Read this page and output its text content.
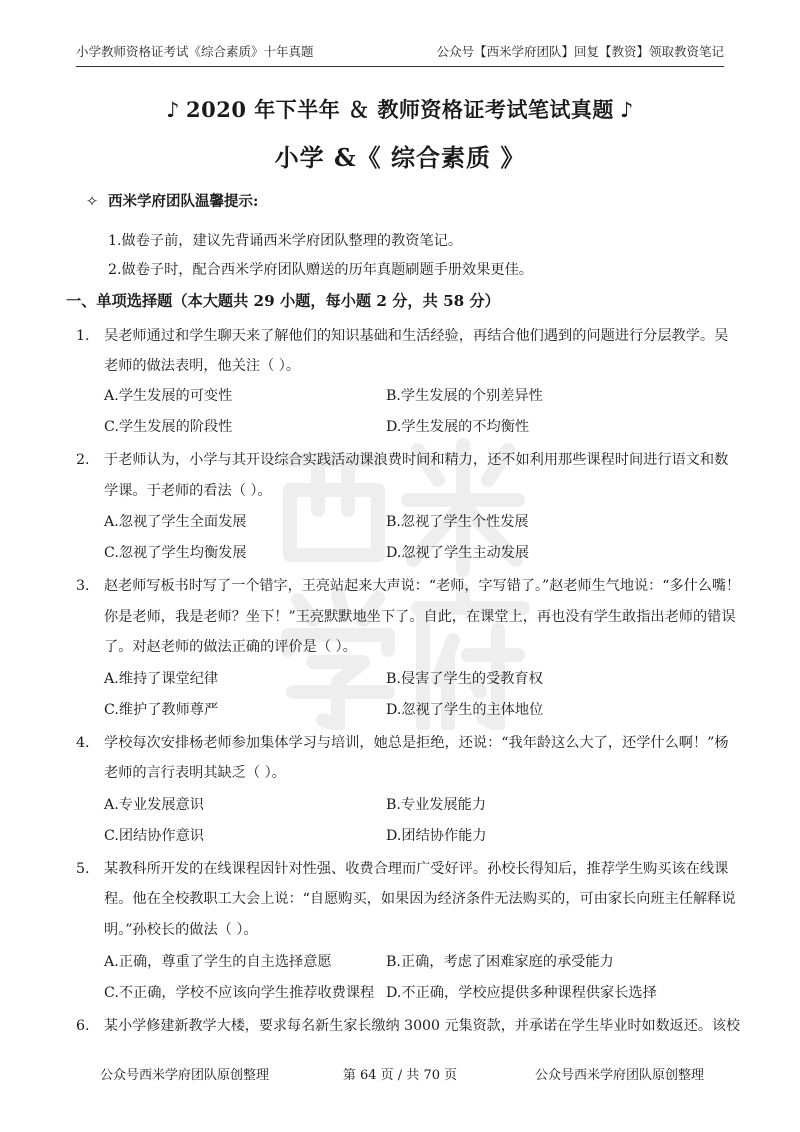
小学教师资格证考试《综合素质》十年真题	公众号【西米学府团队】回复【教资】领取教资笔记
♪ 2020 年下半年 ＆ 教师资格证考试笔试真题 ♪
小学 &《 综合素质 》
✧ 西米学府团队温馨提示:
1.做卷子前，建议先背诵西米学府团队整理的教资笔记。
2.做卷子时，配合西米学府团队赠送的历年真题刷题手册效果更佳。
一、单项选择题（本大题共 29 小题，每小题 2 分，共 58 分）
1. 吴老师通过和学生聊天来了解他们的知识基础和生活经验，再结合他们遇到的问题进行分层教学。吴
老师的做法表明，他关注（ ）。
A.学生发展的可变性	B.学生发展的个别差异性
C.学生发展的阶段性	D.学生发展的不均衡性
2. 于老师认为，小学与其开设综合实践活动课浪费时间和精力，还不如利用那些课程时间进行语文和数
学课。于老师的看法（ ）。
A.忽视了学生全面发展	B.忽视了学生个性发展
C.忽视了学生均衡发展	D.忽视了学生主动发展
3. 赵老师写板书时写了一个错字，王亮站起来大声说：“老师，字写错了。”赵老师生气地说：“多什么嘴！
你是老师，我是老师？坐下！”王亮默默地坐下了。自此，在课堂上，再也没有学生敢指出老师的错误
了。对赵老师的做法正确的评价是（ ）。
A.维持了课堂纪律	B.侵害了学生的受教育权
C.维护了教师尊严	D.忽视了学生的主体地位
4. 学校每次安排杨老师参加集体学习与培训，她总是拒绝，还说：“我年龄这么大了，还学什么啊！”杨
老师的言行表明其缺乏（ ）。
A.专业发展意识	B.专业发展能力
C.团结协作意识	D.团结协作能力
5. 某教科所开发的在线课程因针对性强、收费合理而广受好评。孙校长得知后，推荐学生购买该在线课
程。他在全校教职工大会上说：“自愿购买，如果因为经济条件无法购买的，可由家长向班主任解释说
明。”孙校长的做法（ ）。
A.正确，尊重了学生的自主选择意愿	B.正确，考虑了困难家庭的承受能力
C.不正确，学校不应该向学生推荐收费课程 D.不正确，学校应提供多种课程供家长选择
6. 某小学修建新教学大楼，要求每名新生家长缴纳 3000 元集资款，并承诺在学生毕业时如数返还。该校
公众号西米学府团队原创整理	第 64 页 / 共 70 页	公众号西米学府团队原创整理
